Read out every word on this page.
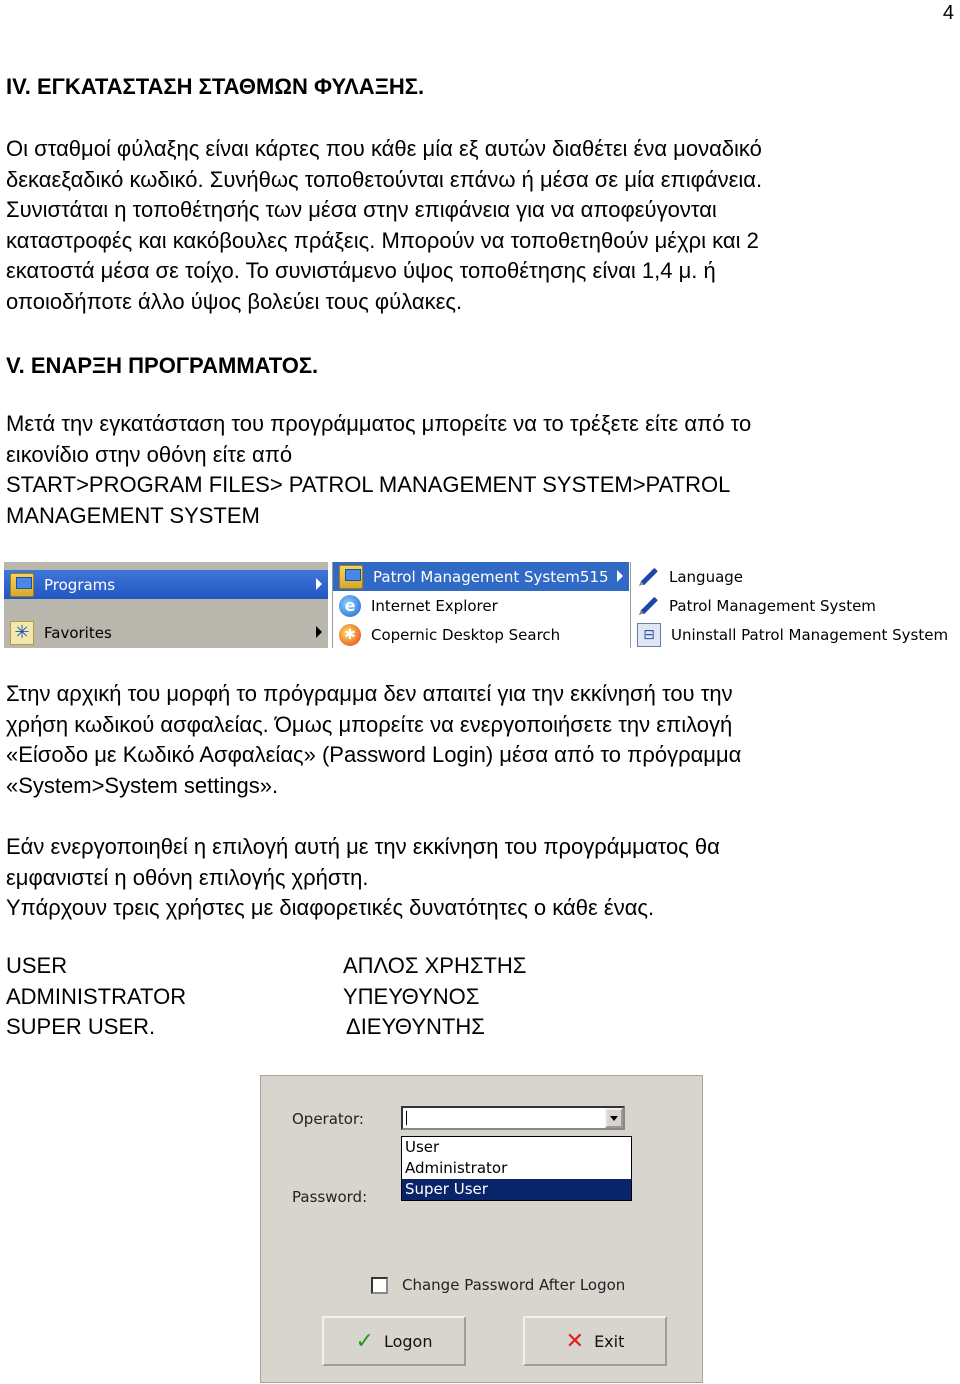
4
IV. ΕΓΚΑΤΑΣΤΑΣΗ ΣΤΑΘΜΩΝ ΦΥΛΑΞΗΣ.
Οι σταθμοί φύλαξης είναι κάρτες που κάθε μία εξ αυτών διαθέτει ένα μοναδικό
δεκαεξαδικό κωδικό. Συνήθως τοποθετούνται επάνω ή μέσα σε μία επιφάνεια.
Συνιστάται η τοποθέτησής των μέσα στην επιφάνεια για να αποφεύγονται
καταστροφές και κακόβουλες πράξεις. Μπορούν να τοποθετηθούν μέχρι και 2
εκατοστά μέσα σε τοίχο. Το συνιστάμενο ύψος τοποθέτησης είναι 1,4 μ. ή
οποιοδήποτε άλλο ύψος βολεύει τους φύλακες.
V. ΕΝΑΡΞΗ ΠΡΟΓΡΑΜΜΑΤΟΣ.
Μετά την εγκατάσταση του προγράμματος μπορείτε να το τρέξετε είτε από το
εικονίδιο στην οθόνη είτε από
START>PROGRAM FILES> PATROL MANAGEMENT SYSTEM>PATROL
MANAGEMENT SYSTEM
Programs
✳ Favorites
Patrol Management System515
e	Internet Explorer
✱	Copernic Desktop Search
Language
Patrol Management System
⊟	Uninstall Patrol Management System
Στην αρχική του μορφή το πρόγραμμα δεν απαιτεί για την εκκίνησή του την
χρήση κωδικού ασφαλείας. Όμως μπορείτε να ενεργοποιήσετε την επιλογή
«Είσοδο με Κωδικό Ασφαλείας» (Password Login) μέσα από το πρόγραμμα
«System>System settings».
Εάν ενεργοποιηθεί η επιλογή αυτή με την εκκίνηση του προγράμματος θα
εμφανιστεί η οθόνη επιλογής χρήστη.
Υπάρχουν τρεις χρήστες με διαφορετικές δυνατότητες ο κάθε ένας.
USER	ΑΠΛΟΣ ΧΡΗΣΤΗΣ
ADMINISTRATOR	ΥΠΕΥΘΥΝΟΣ
SUPER USER.	ΔΙΕΥΘΥΝΤΗΣ
Operator:
User
Administrator
Super User
Password:
Change Password After Logon
✓ Logon	✕ Exit
